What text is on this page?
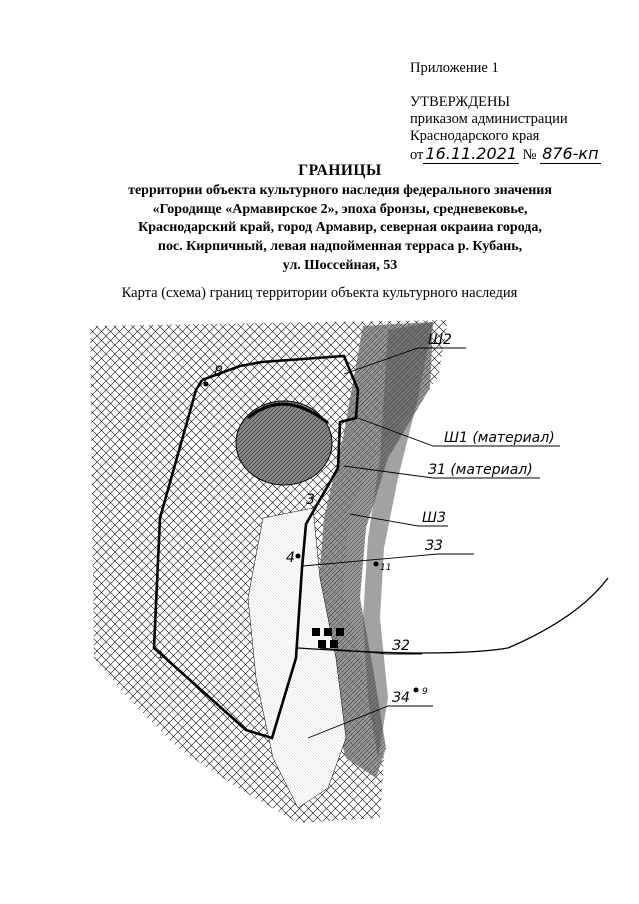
Приложение 1
УТВЕРЖДЕНЫ
приказом администрации
Краснодарского края
от 16.11.2021 № 876-кп
ГРАНИЦЫ
территории объекта культурного наследия федерального значения
«Городище «Армавирское 2», эпоха бронзы, средневековье,
Краснодарский край, город Армавир, северная окраина города,
пос. Кирпичный, левая надпойменная терраса р. Кубань,
ул. Шоссейная, 53
Карта (схема) границ территории объекта культурного наследия
Ш2
Ш1 (материал)
З1 (материал)
Ш3
З3
З2
З4
3
4
11
9
8
1
